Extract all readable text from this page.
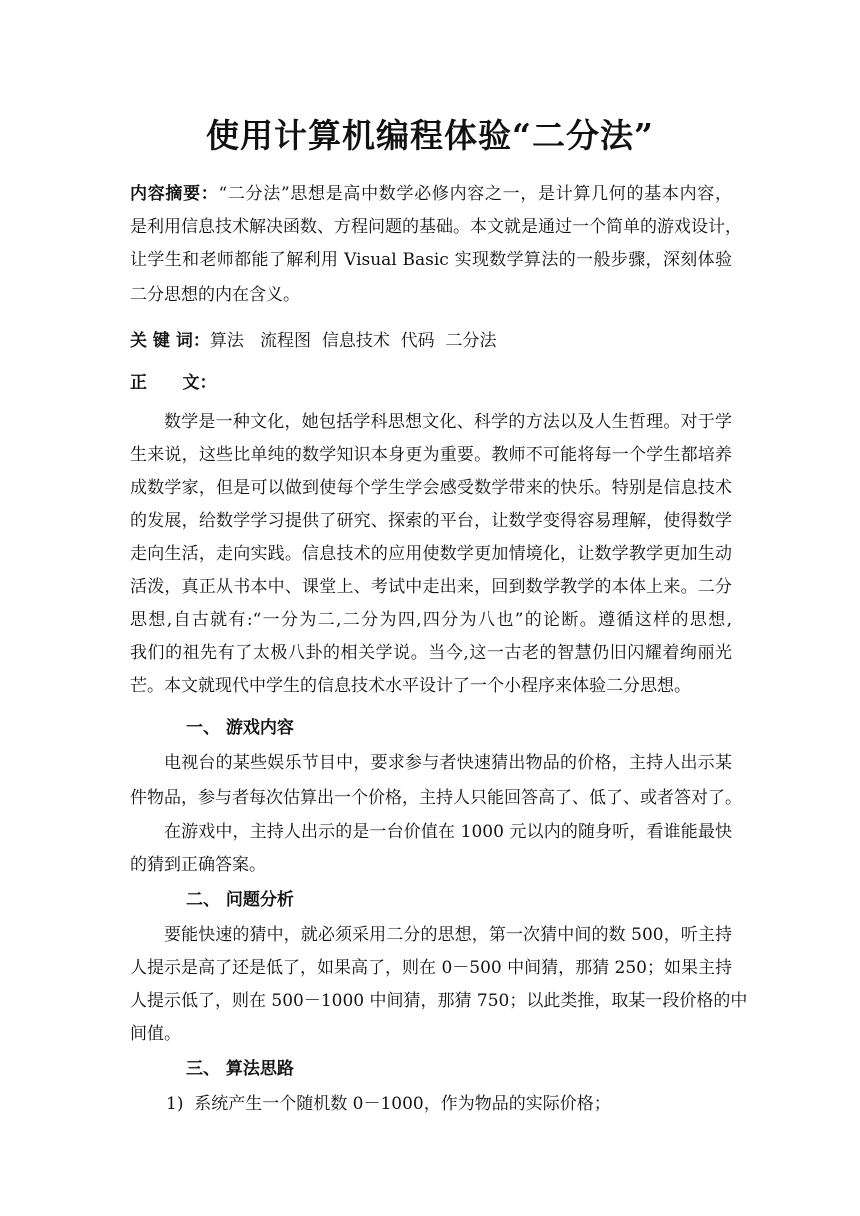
使用计算机编程体验“二分法”
内容摘要：“二分法”思想是高中数学必修内容之一，是计算几何的基本内容，
是利用信息技术解决函数、方程问题的基础。本文就是通过一个简单的游戏设计，
让学生和老师都能了解利用 Visual Basic 实现数学算法的一般步骤，深刻体验
二分思想的内在含义。
关 键 词：算法   流程图  信息技术  代码  二分法
正      文：
数学是一种文化，她包括学科思想文化、科学的方法以及人生哲理。对于学
生来说，这些比单纯的数学知识本身更为重要。教师不可能将每一个学生都培养
成数学家，但是可以做到使每个学生学会感受数学带来的快乐。特别是信息技术
的发展，给数学学习提供了研究、探索的平台，让数学变得容易理解，使得数学
走向生活，走向实践。信息技术的应用使数学更加情境化，让数学教学更加生动
活泼，真正从书本中、课堂上、考试中走出来，回到数学教学的本体上来。二分
思想,自古就有:“一分为二,二分为四,四分为八也”的论断。遵循这样的思想,
我们的祖先有了太极八卦的相关学说。当今,这一古老的智慧仍旧闪耀着绚丽光
芒。本文就现代中学生的信息技术水平设计了一个小程序来体验二分思想。
一、 游戏内容
电视台的某些娱乐节目中，要求参与者快速猜出物品的价格，主持人出示某
件物品，参与者每次估算出一个价格，主持人只能回答高了、低了、或者答对了。
在游戏中，主持人出示的是一台价值在 1000 元以内的随身听，看谁能最快
的猜到正确答案。
二、 问题分析
要能快速的猜中，就必须采用二分的思想，第一次猜中间的数 500，听主持
人提示是高了还是低了，如果高了，则在 0－500 中间猜，那猜 250；如果主持
人提示低了，则在 500－1000 中间猜，那猜 750；以此类推，取某一段价格的中
间值。
三、 算法思路
1)  系统产生一个随机数 0－1000，作为物品的实际价格；
